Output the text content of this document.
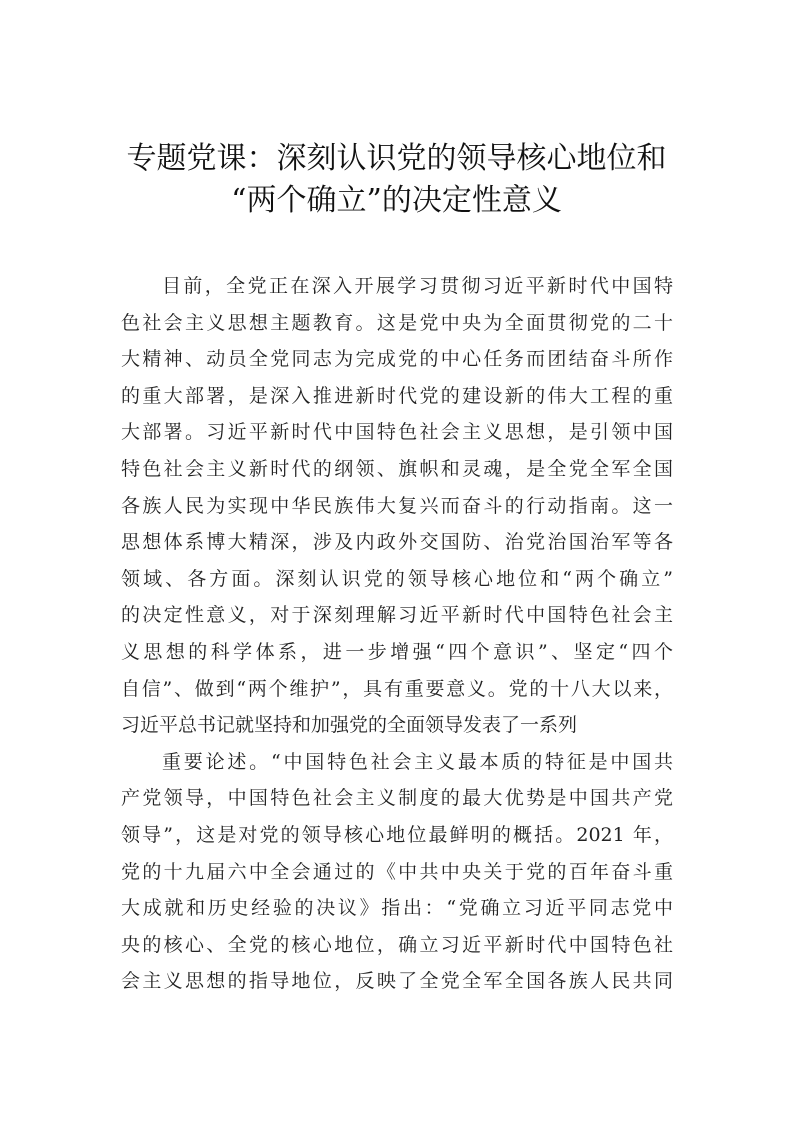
专题党课：深刻认识党的领导核心地位和
“两个确立”的决定性意义
目前，全党正在深入开展学习贯彻习近平新时代中国特
色社会主义思想主题教育。这是党中央为全面贯彻党的二十
大精神、动员全党同志为完成党的中心任务而团结奋斗所作
的重大部署，是深入推进新时代党的建设新的伟大工程的重
大部署。习近平新时代中国特色社会主义思想，是引领中国
特色社会主义新时代的纲领、旗帜和灵魂，是全党全军全国
各族人民为实现中华民族伟大复兴而奋斗的行动指南。这一
思想体系博大精深，涉及内政外交国防、治党治国治军等各
领域、各方面。深刻认识党的领导核心地位和“两个确立”
的决定性意义，对于深刻理解习近平新时代中国特色社会主
义思想的科学体系，进一步增强“四个意识”、坚定“四个
自信”、做到“两个维护”，具有重要意义。党的十八大以来，
习近平总书记就坚持和加强党的全面领导发表了一系列
重要论述。“中国特色社会主义最本质的特征是中国共
产党领导，中国特色社会主义制度的最大优势是中国共产党
领导”，这是对党的领导核心地位最鲜明的概括。2021 年，
党的十九届六中全会通过的《中共中央关于党的百年奋斗重
大成就和历史经验的决议》指出：“党确立习近平同志党中
央的核心、全党的核心地位，确立习近平新时代中国特色社
会主义思想的指导地位，反映了全党全军全国各族人民共同
